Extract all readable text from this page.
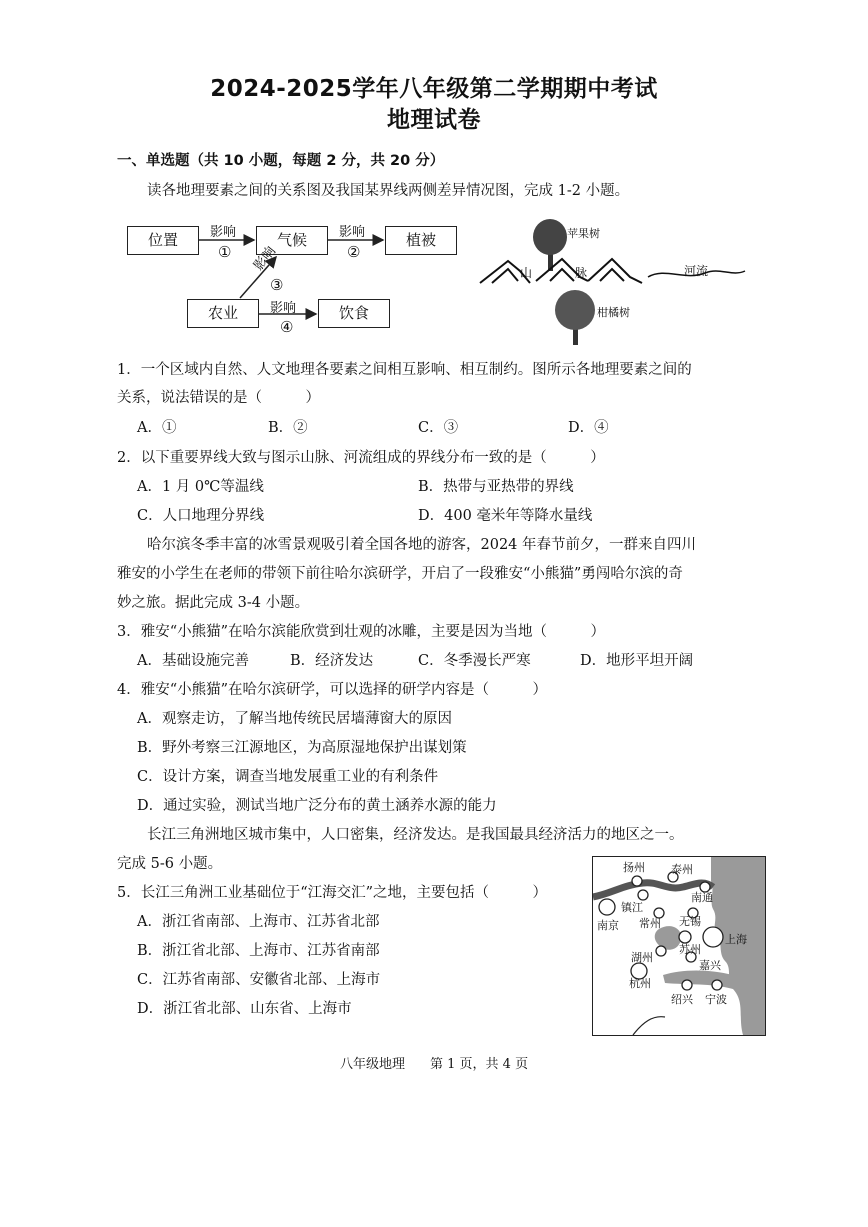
2024-2025学年八年级第二学期期中考试
地理试卷
一、单选题（共 10 小题，每题 2 分，共 20 分）
读各地理要素之间的关系图及我国某界线两侧差异情况图，完成 1-2 小题。
位置	气候	植被
农业	饮食
影响
①
影响
②
影响
③
影响
④
苹果树
山	脉	河流
柑橘树
1．一个区域内自然、人文地理各要素之间相互影响、相互制约。图所示各地理要素之间的
关系，说法错误的是（　　　）
A．①	B．②	C．③	D．④
2．以下重要界线大致与图示山脉、河流组成的界线分布一致的是（　　　）
A．1 月 0℃等温线	B．热带与亚热带的界线
C．人口地理分界线	D．400 毫米年等降水量线
哈尔滨冬季丰富的冰雪景观吸引着全国各地的游客，2024 年春节前夕，一群来自四川
雅安的小学生在老师的带领下前往哈尔滨研学，开启了一段雅安“小熊猫”勇闯哈尔滨的奇
妙之旅。据此完成 3-4 小题。
3．雅安“小熊猫”在哈尔滨能欣赏到壮观的冰雕，主要是因为当地（　　　）
A．基础设施完善	B．经济发达	C．冬季漫长严寒	D．地形平坦开阔
4．雅安“小熊猫”在哈尔滨研学，可以选择的研学内容是（　　　）
A．观察走访，了解当地传统民居墙薄窗大的原因
B．野外考察三江源地区，为高原湿地保护出谋划策
C．设计方案，调查当地发展重工业的有利条件
D．通过实验，测试当地广泛分布的黄土涵养水源的能力
长江三角洲地区城市集中，人口密集，经济发达。是我国最具经济活力的地区之一。
完成 5-6 小题。
5．长江三角洲工业基础位于“江海交汇”之地，主要包括（　　　）
A．浙江省南部、上海市、江苏省北部
B．浙江省北部、上海市、江苏省南部
C．江苏省南部、安徽省北部、上海市
D．浙江省北部、山东省、上海市
扬州 泰州
南通
镇江
南京 常州 无锡
上海
苏州
湖州
嘉兴
杭州
绍兴 宁波
八年级地理 第 1 页，共 4 页
